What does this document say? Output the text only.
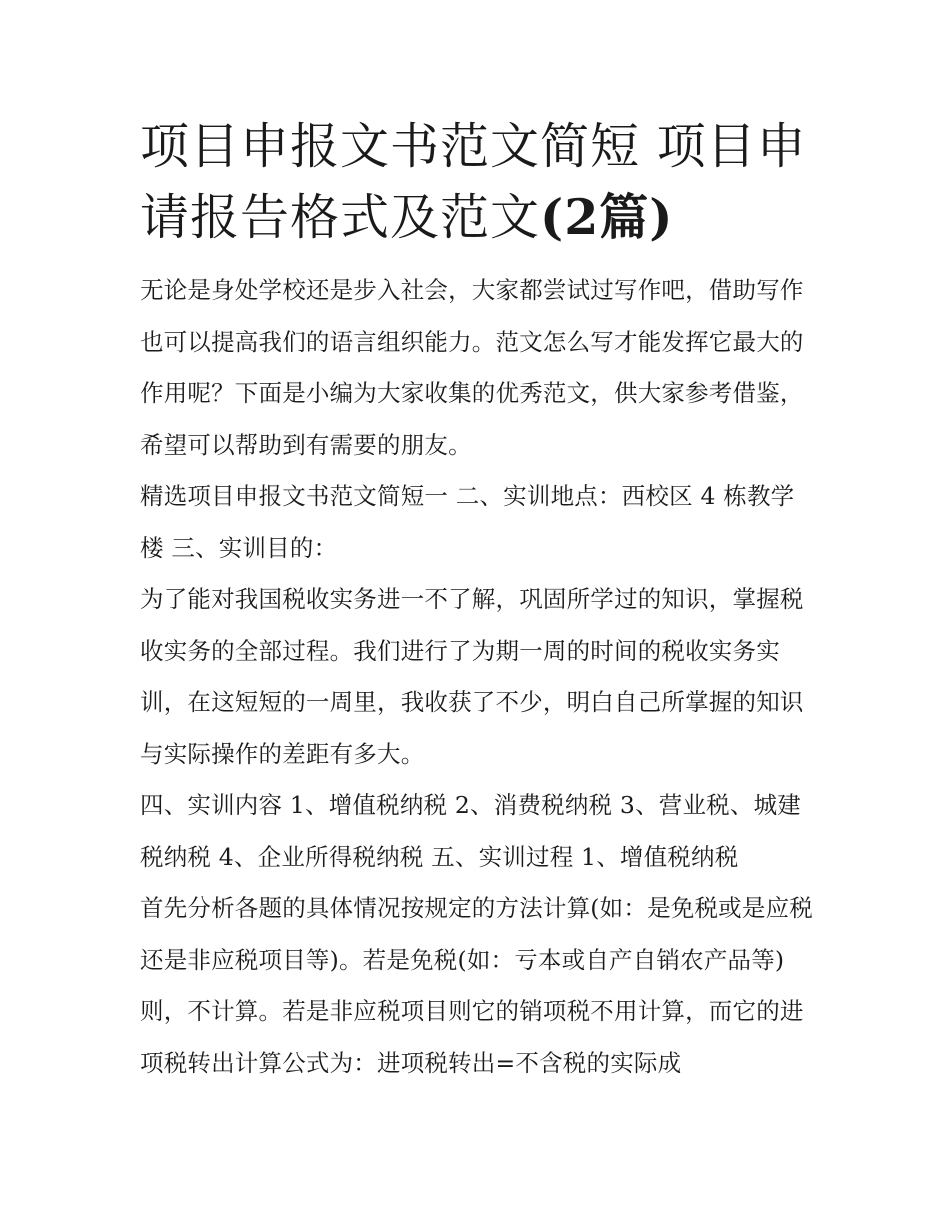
项目申报文书范文简短 项目申请报告格式及范文(2篇)

无论是身处学校还是步入社会，大家都尝试过写作吧，借助写作也可以提高我们的语言组织能力。范文怎么写才能发挥它最大的作用呢？下面是小编为大家收集的优秀范文，供大家参考借鉴，希望可以帮助到有需要的朋友。

精选项目申报文书范文简短一 二、实训地点：西校区 4 栋教学楼 三、实训目的：

为了能对我国税收实务进一不了解，巩固所学过的知识，掌握税收实务的全部过程。我们进行了为期一周的时间的税收实务实训，在这短短的一周里，我收获了不少，明白自己所掌握的知识与实际操作的差距有多大。

四、实训内容 1、增值税纳税 2、消费税纳税 3、营业税、城建税纳税 4、企业所得税纳税 五、实训过程 1、增值税纳税

首先分析各题的具体情况按规定的方法计算(如：是免税或是应税还是非应税项目等)。若是免税(如：亏本或自产自销农产品等)则，不计算。若是非应税项目则它的销项税不用计算，而它的进项税转出计算公式为：进项税转出=不含税的实际成
